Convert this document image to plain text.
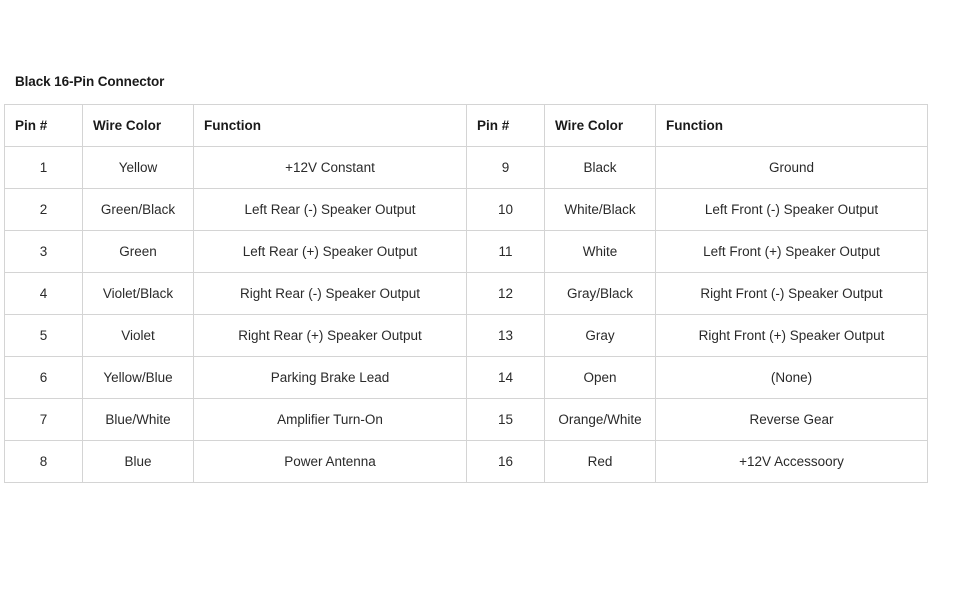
Black 16-Pin Connector
Pin #	Wire Color	Function	Pin #	Wire Color	Function
1	Yellow	+12V Constant	9	Black	Ground
2	Green/Black	Left Rear (-) Speaker Output	10	White/Black	Left Front (-) Speaker Output
3	Green	Left Rear (+) Speaker Output	11	White	Left Front (+) Speaker Output
4	Violet/Black	Right Rear (-) Speaker Output	12	Gray/Black	Right Front (-) Speaker Output
5	Violet	Right Rear (+) Speaker Output	13	Gray	Right Front (+) Speaker Output
6	Yellow/Blue	Parking Brake Lead	14	Open	(None)
7	Blue/White	Amplifier Turn-On	15	Orange/White	Reverse Gear
8	Blue	Power Antenna	16	Red	+12V Accessoory
